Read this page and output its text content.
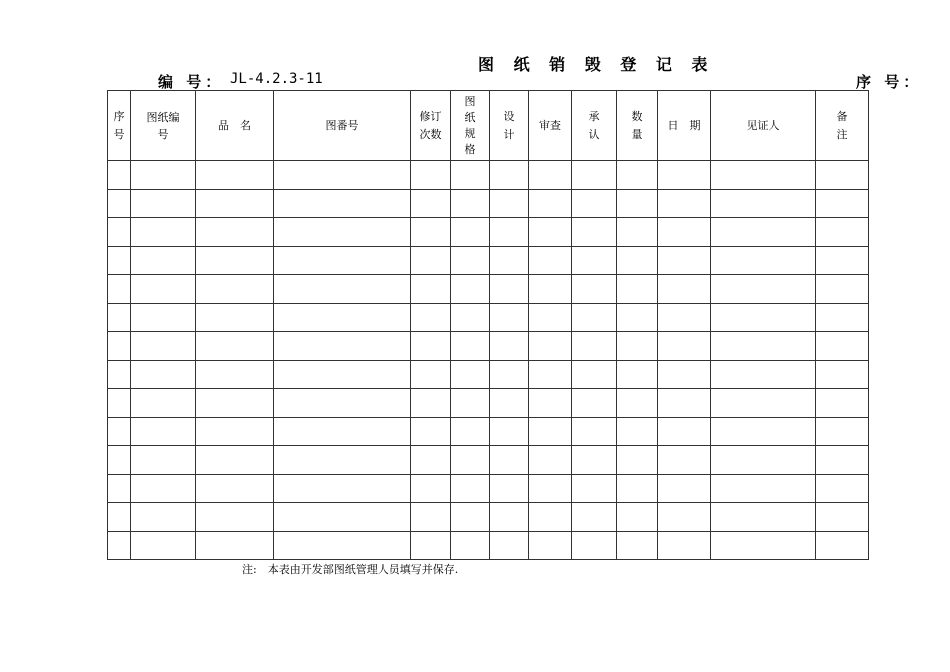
图 纸 销 毁 登 记 表
编 号： JL-4.2.3-11	序 号：
序号	图纸编号	品　名	图番号	修订次数	图纸规格	设计	审查	承认	数量	日　期	见证人	备注

注:　本表由开发部图纸管理人员填写并保存.
